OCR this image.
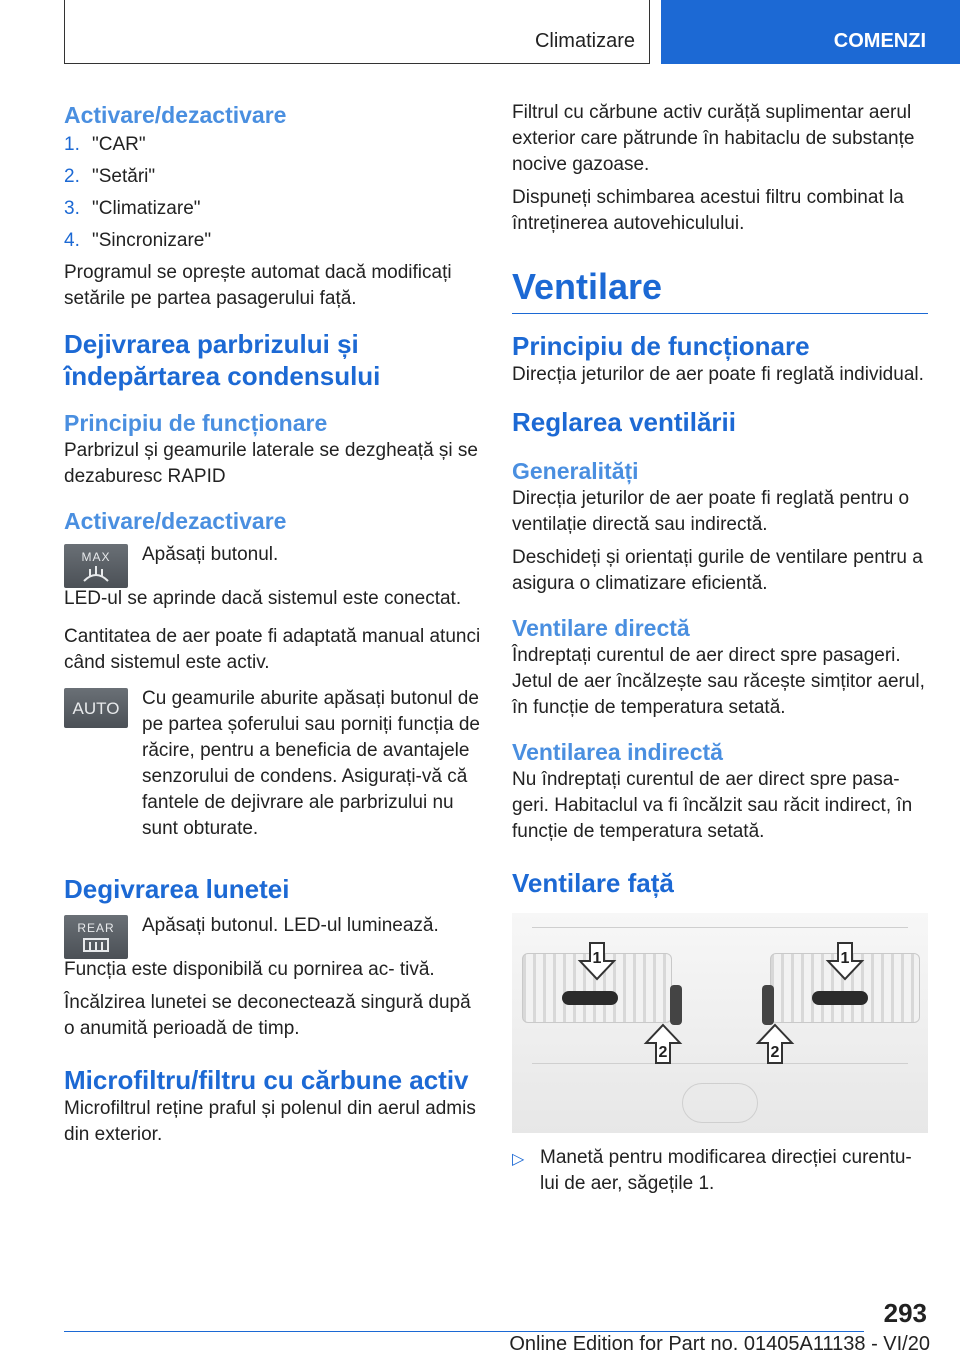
Climatizare	COMENZI
Activare/dezactivare
1. "CAR"
2. "Setări"
3. "Climatizare"
4. "Sincronizare"

Programul se oprește automat dacă modificați setările pe partea pasagerului față.

Dejivrarea parbrizului și îndepărtarea condensului
Principiu de funcționare

Parbrizul și geamurile laterale se dezgheață și se dezaburesc RAPID

Activare/dezactivare
MAX Apăsați butonul.

LED-ul se aprinde dacă sistemul este conectat.

Cantitatea de aer poate fi adaptată manual atunci când sistemul este activ.

AUTO Cu geamurile aburite apăsați butonul de pe partea șoferului sau porniți funcția de răcire, pentru a beneficia de avantajele senzorului de condens. Asigurați-vă că fantele de dejivrare ale parbrizului nu sunt obturate.

Degivrarea lunetei
REAR Apăsați butonul. LED-ul luminează.

Funcția este disponibilă cu pornirea ac- tivă.

Încălzirea lunetei se deconectează singură după o anumită perioadă de timp.

Microfiltru/filtru cu cărbune activ

Microfiltrul reține praful și polenul din aerul admis din exterior.

Filtrul cu cărbune activ curăță suplimentar aerul exterior care pătrunde în habitaclu de substanțe nocive gazoase.

Dispuneți schimbarea acestui filtru combinat la întreținerea autovehiculului.

Ventilare
Principiu de funcționare

Direcția jeturilor de aer poate fi reglată individual.

Reglarea ventilării
Generalități

Direcția jeturilor de aer poate fi reglată pentru o ventilație directă sau indirectă.

Deschideți și orientați gurile de ventilare pentru a asigura o climatizare eficientă.

Ventilare directă

Îndreptați curentul de aer direct spre pasageri. Jetul de aer încălzește sau răcește simțitor aerul, în funcție de temperatura setată.

Ventilarea indirectă

Nu îndreptați curentul de aer direct spre pasa- geri. Habitaclul va fi încălzit sau răcit indirect, în funcție de temperatura setată.

Ventilare față
1	1
2	2
▷ Manetă pentru modificarea direcției curentu- lui de aer, săgețile 1.
293
Online Edition for Part no. 01405A11138 - VI/20
